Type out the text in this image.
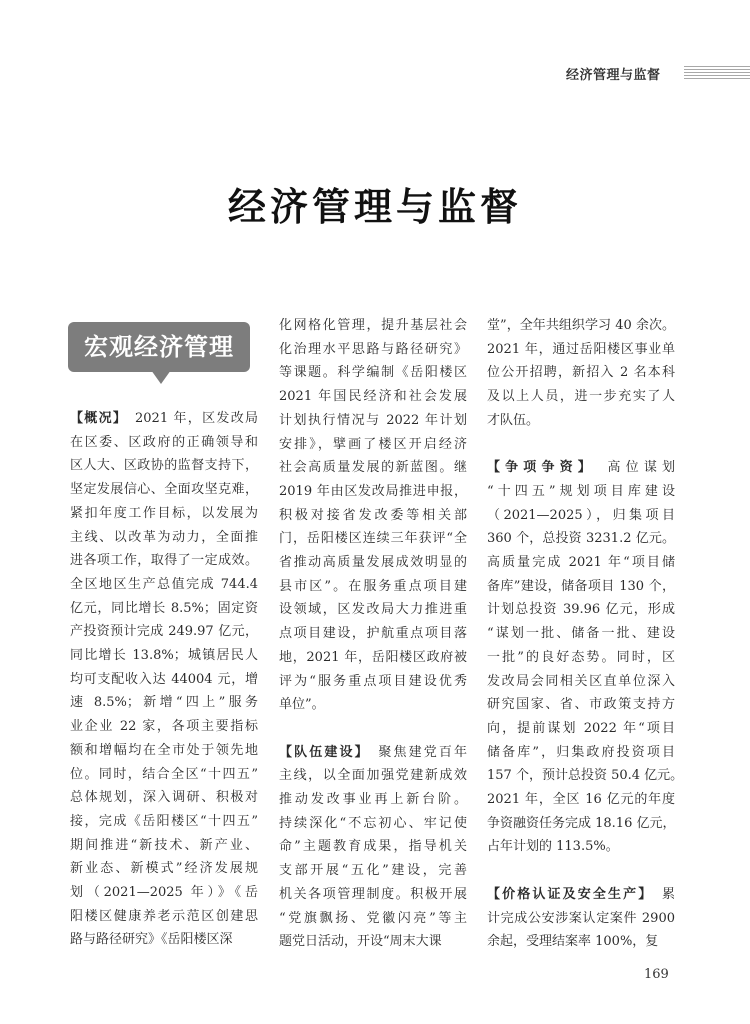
经济管理与监督
经济管理与监督
宏观经济管理
【概况】　2021 年，区发改局
在区委、区政府的正确领导和
区人大、区政协的监督支持下，
坚定发展信心、全面攻坚克难，
紧扣年度工作目标，以发展为
主线、以改革为动力，全面推
进各项工作，取得了一定成效。
全区地区生产总值完成 744.4
亿元，同比增长 8.5%；固定资
产投资预计完成 249.97 亿元，
同比增长 13.8%；城镇居民人
均可支配收入达 44004 元，增
速 8.5%；新增“四上”服务
业企业 22 家，各项主要指标
额和增幅均在全市处于领先地
位。同时，结合全区“十四五”
总体规划，深入调研、积极对
接，完成《岳阳楼区“十四五”
期间推进“新技术、新产业、
新业态、新模式”经济发展规
划（2021—2025 年）》《岳
阳楼区健康养老示范区创建思
路与路径研究》《岳阳楼区深
化网格化管理，提升基层社会
化治理水平思路与路径研究》
等课题。科学编制《岳阳楼区
2021 年国民经济和社会发展
计划执行情况与 2022 年计划
安排》，擘画了楼区开启经济
社会高质量发展的新蓝图。继
2019 年由区发改局推进申报，
积极对接省发改委等相关部
门，岳阳楼区连续三年获评“全
省推动高质量发展成效明显的
县市区”。在服务重点项目建
设领域，区发改局大力推进重
点项目建设，护航重点项目落
地，2021 年，岳阳楼区政府被
评为“服务重点项目建设优秀
单位”。
【队伍建设】　聚焦建党百年
主线，以全面加强党建新成效
推动发改事业再上新台阶。
持续深化“不忘初心、牢记使
命”主题教育成果，指导机关
支部开展“五化”建设，完善
机关各项管理制度。积极开展
“党旗飘扬、党徽闪亮”等主
题党日活动，开设“周末大课
堂”，全年共组织学习 40 余次。
2021 年，通过岳阳楼区事业单
位公开招聘，新招入 2 名本科
及以上人员，进一步充实了人
才队伍。
【争项争资】　高位谋划
“十四五”规划项目库建设
（2021—2025），归集项目
360 个，总投资 3231.2 亿元。
高质量完成 2021 年“项目储
备库”建设，储备项目 130 个，
计划总投资 39.96 亿元，形成
“谋划一批、储备一批、建设
一批”的良好态势。同时，区
发改局会同相关区直单位深入
研究国家、省、市政策支持方
向，提前谋划 2022 年“项目
储备库”，归集政府投资项目
157 个，预计总投资 50.4 亿元。
2021 年，全区 16 亿元的年度
争资融资任务完成 18.16 亿元，
占年计划的 113.5%。
【价格认证及安全生产】　累
计完成公安涉案认定案件 2900
余起，受理结案率 100%，复
169
